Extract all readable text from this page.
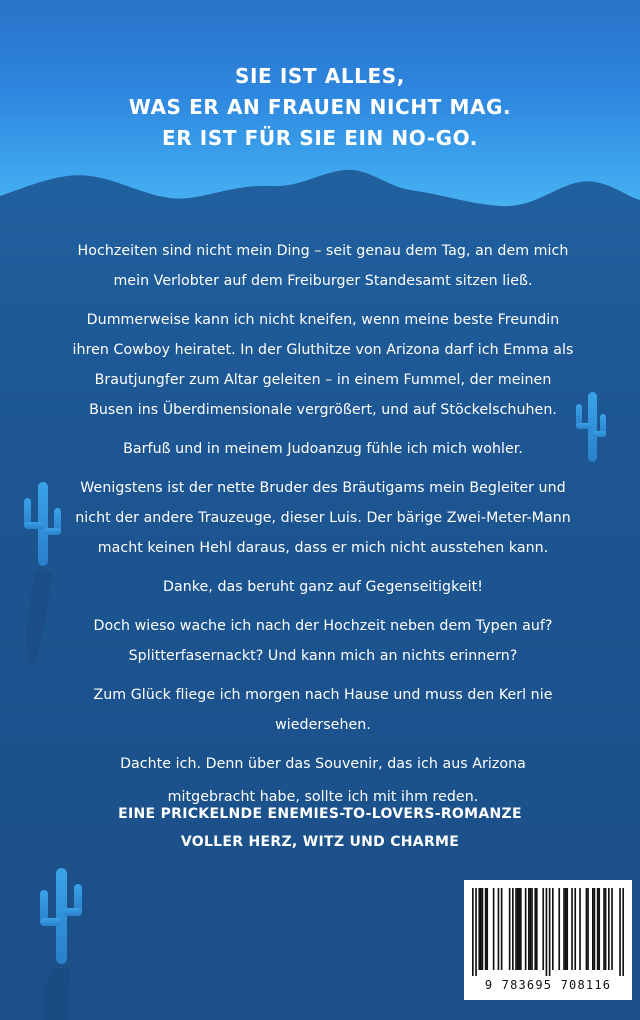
SIE IST ALLES,

WAS ER AN FRAUEN NICHT MAG.

ER IST FÜR SIE EIN NO-GO.

Hochzeiten sind nicht mein Ding – seit genau dem Tag, an dem mich mein Verlobter auf dem Freiburger Standesamt sitzen ließ.

Dummerweise kann ich nicht kneifen, wenn meine beste Freundin ihren Cowboy heiratet. In der Gluthitze von Arizona darf ich Emma als Brautjungfer zum Altar geleiten – in einem Fummel, der meinen Busen ins Überdimensionale vergrößert, und auf Stöckelschuhen.

Barfuß und in meinem Judoanzug fühle ich mich wohler.

Wenigstens ist der nette Bruder des Bräutigams mein Begleiter und nicht der andere Trauzeuge, dieser Luis. Der bärige Zwei-Meter-Mann macht keinen Hehl daraus, dass er mich nicht ausstehen kann.

Danke, das beruht ganz auf Gegenseitigkeit!

Doch wieso wache ich nach der Hochzeit neben dem Typen auf? Splitterfasernackt? Und kann mich an nichts erinnern?

Zum Glück fliege ich morgen nach Hause und muss den Kerl nie wiedersehen.

Dachte ich. Denn über das Souvenir, das ich aus Arizona

mitgebracht habe, sollte ich mit ihm reden.

EINE PRICKELNDE ENEMIES-TO-LOVERS-ROMANZE

VOLLER HERZ, WITZ UND CHARME

9 783695 708116
